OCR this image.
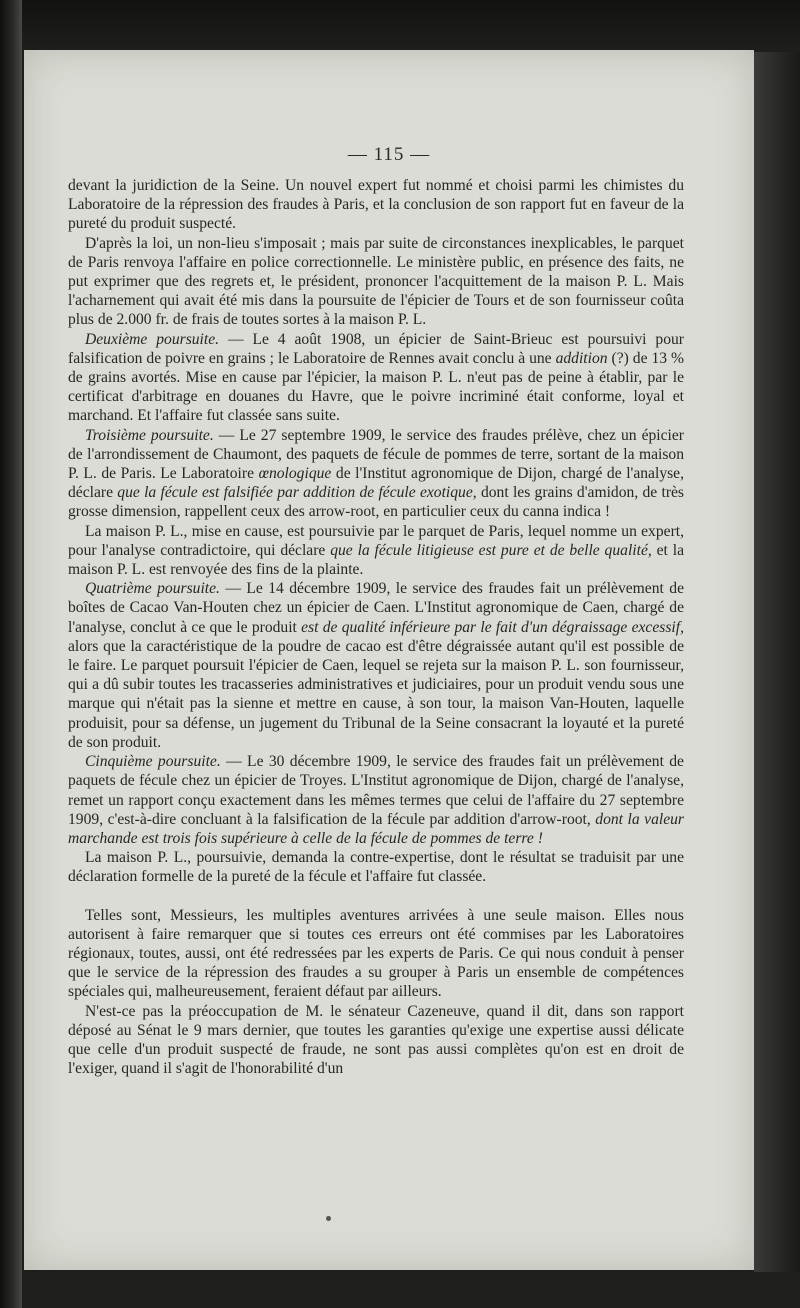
— 115 —

devant la juridiction de la Seine. Un nouvel expert fut nommé et choisi parmi les chimistes du Laboratoire de la répression des fraudes à Paris, et la conclusion de son rapport fut en faveur de la pureté du produit suspecté.

D'après la loi, un non-lieu s'imposait ; mais par suite de circonstances inexplicables, le parquet de Paris renvoya l'affaire en police correctionnelle. Le ministère public, en présence des faits, ne put exprimer que des regrets et, le président, prononcer l'acquittement de la maison P. L. Mais l'acharnement qui avait été mis dans la poursuite de l'épicier de Tours et de son fournisseur coûta plus de 2.000 fr. de frais de toutes sortes à la maison P. L.

Deuxième poursuite. — Le 4 août 1908, un épicier de Saint-Brieuc est poursuivi pour falsification de poivre en grains ; le Laboratoire de Rennes avait conclu à une addition (?) de 13 % de grains avortés. Mise en cause par l'épicier, la maison P. L. n'eut pas de peine à établir, par le certificat d'arbitrage en douanes du Havre, que le poivre incriminé était conforme, loyal et marchand. Et l'affaire fut classée sans suite.

Troisième poursuite. — Le 27 septembre 1909, le service des fraudes prélève, chez un épicier de l'arrondissement de Chaumont, des paquets de fécule de pommes de terre, sortant de la maison P. L. de Paris. Le Laboratoire œnologique de l'Institut agronomique de Dijon, chargé de l'analyse, déclare que la fécule est falsifiée par addition de fécule exotique, dont les grains d'amidon, de très grosse dimension, rappellent ceux des arrow-root, en particulier ceux du canna indica !

La maison P. L., mise en cause, est poursuivie par le parquet de Paris, lequel nomme un expert, pour l'analyse contradictoire, qui déclare que la fécule litigieuse est pure et de belle qualité, et la maison P. L. est renvoyée des fins de la plainte.

Quatrième poursuite. — Le 14 décembre 1909, le service des fraudes fait un prélèvement de boîtes de Cacao Van-Houten chez un épicier de Caen. L'Institut agronomique de Caen, chargé de l'analyse, conclut à ce que le produit est de qualité inférieure par le fait d'un dégraissage excessif, alors que la caractéristique de la poudre de cacao est d'être dégraissée autant qu'il est possible de le faire. Le parquet poursuit l'épicier de Caen, lequel se rejeta sur la maison P. L. son fournisseur, qui a dû subir toutes les tracasseries administratives et judiciaires, pour un produit vendu sous une marque qui n'était pas la sienne et mettre en cause, à son tour, la maison Van-Houten, laquelle produisit, pour sa défense, un jugement du Tribunal de la Seine consacrant la loyauté et la pureté de son produit.

Cinquième poursuite. — Le 30 décembre 1909, le service des fraudes fait un prélèvement de paquets de fécule chez un épicier de Troyes. L'Institut agronomique de Dijon, chargé de l'analyse, remet un rapport conçu exactement dans les mêmes termes que celui de l'affaire du 27 septembre 1909, c'est-à-dire concluant à la falsification de la fécule par addition d'arrow-root, dont la valeur marchande est trois fois supérieure à celle de la fécule de pommes de terre !

La maison P. L., poursuivie, demanda la contre-expertise, dont le résultat se traduisit par une déclaration formelle de la pureté de la fécule et l'affaire fut classée.

Telles sont, Messieurs, les multiples aventures arrivées à une seule maison. Elles nous autorisent à faire remarquer que si toutes ces erreurs ont été commises par les Laboratoires régionaux, toutes, aussi, ont été redressées par les experts de Paris. Ce qui nous conduit à penser que le service de la répression des fraudes a su grouper à Paris un ensemble de compétences spéciales qui, malheureusement, feraient défaut par ailleurs.

N'est-ce pas la préoccupation de M. le sénateur Cazeneuve, quand il dit, dans son rapport déposé au Sénat le 9 mars dernier, que toutes les garanties qu'exige une expertise aussi délicate que celle d'un produit suspecté de fraude, ne sont pas aussi complètes qu'on est en droit de l'exiger, quand il s'agit de l'honorabilité d'un
